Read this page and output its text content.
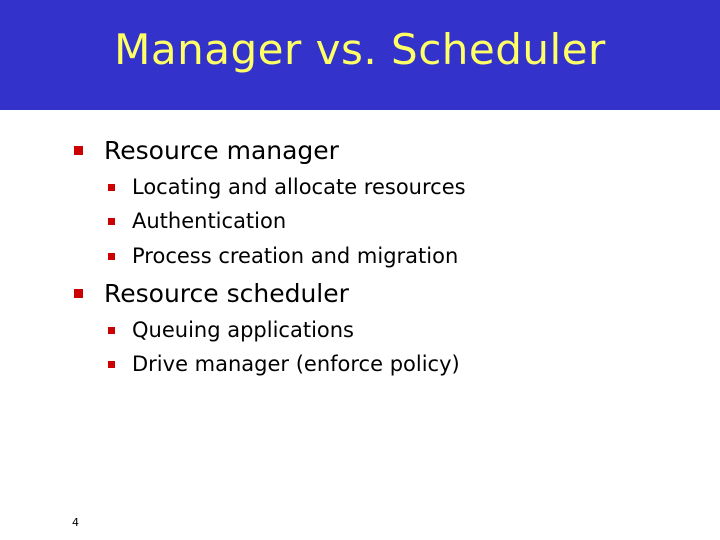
Manager vs. Scheduler
Resource manager
Locating and allocate resources
Authentication
Process creation and migration
Resource scheduler
Queuing applications
Drive manager (enforce policy)
4
